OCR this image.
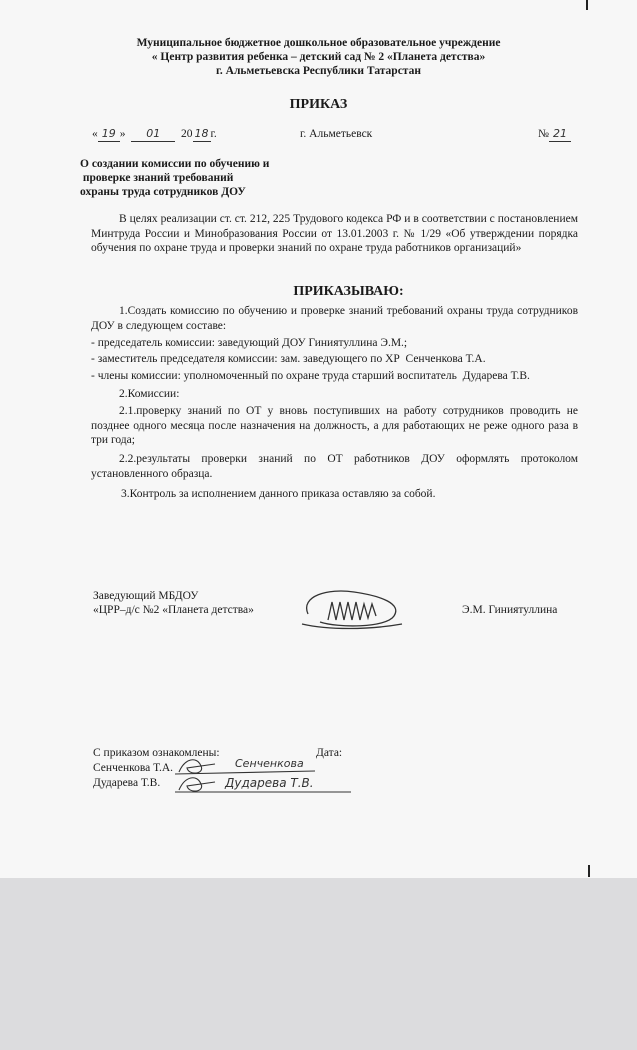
Муниципальное бюджетное дошкольное образовательное учреждение
« Центр развития ребенка – детский сад № 2 «Планета детства»
г. Альметьевска Республики Татарстан
ПРИКАЗ
« 19 » 01 20 18 г.	г. Альметьевск	№ 21
О создании комиссии по обучению и
проверке знаний требований
охраны труда сотрудников ДОУ
В целях реализации ст. ст. 212, 225 Трудового кодекса РФ и в соответствии с постановлением Минтруда России и Минобразования России от 13.01.2003 г. № 1/29 «Об утверждении порядка обучения по охране труда и проверки знаний по охране труда работников организаций»
ПРИКАЗЫВАЮ:
1.Создать комиссию по обучению и проверке знаний требований охраны труда сотрудников ДОУ в следующем составе:
- председатель комиссии: заведующий ДОУ Гиниятуллина Э.М.;
- заместитель председателя комиссии: зам. заведующего по ХР  Сенченкова Т.А.
- члены комиссии: уполномоченный по охране труда старший воспитатель  Дударева Т.В.
2.Комиссии:
2.1.проверку знаний по ОТ у вновь поступивших на работу сотрудников проводить не позднее одного месяца после назначения на должность, а для работающих не реже одного раза в три года;
2.2.результаты проверки знаний по ОТ работников ДОУ оформлять протоколом установленного образца.
3.Контроль за исполнением данного приказа оставляю за собой.
Заведующий МБДОУ
«ЦРР–д/с №2 «Планета детства»	Э.М. Гиниятуллина
С приказом ознакомлены:	Дата:
Сенченкова Т.А.
Дударева Т.В.
Сенченкова
Дударева Т.В.
